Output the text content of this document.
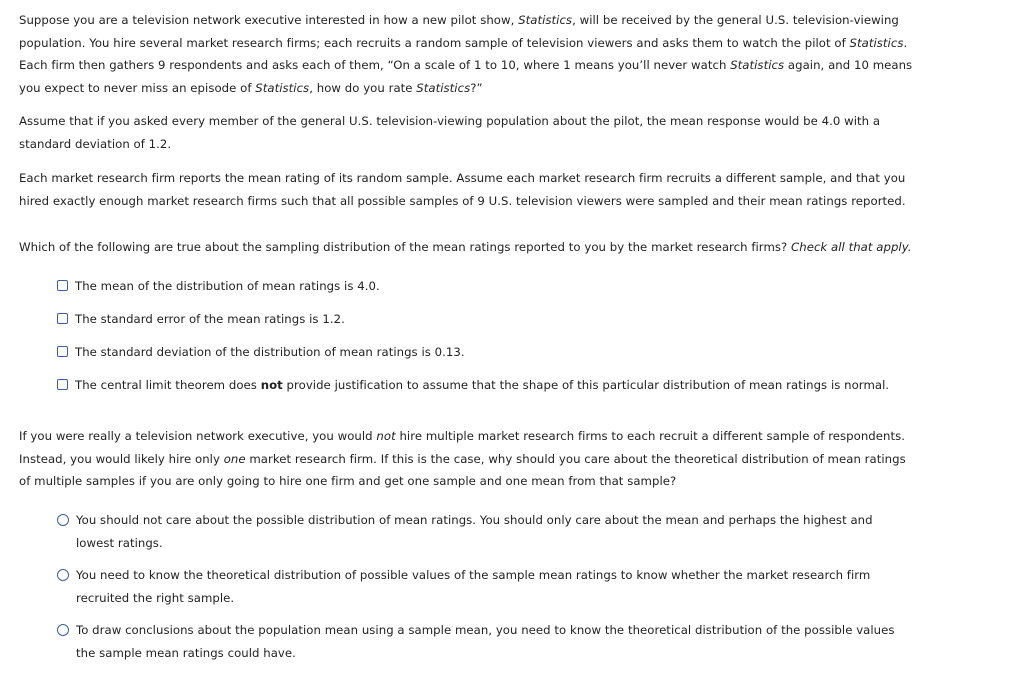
Suppose you are a television network executive interested in how a new pilot show, Statistics, will be received by the general U.S. television-viewing population. You hire several market research firms; each recruits a random sample of television viewers and asks them to watch the pilot of Statistics. Each firm then gathers 9 respondents and asks each of them, “On a scale of 1 to 10, where 1 means you’ll never watch Statistics again, and 10 means you expect to never miss an episode of Statistics, how do you rate Statistics?”

Assume that if you asked every member of the general U.S. television-viewing population about the pilot, the mean response would be 4.0 with a standard deviation of 1.2.

Each market research firm reports the mean rating of its random sample. Assume each market research firm recruits a different sample, and that you hired exactly enough market research firms such that all possible samples of 9 U.S. television viewers were sampled and their mean ratings reported.

Which of the following are true about the sampling distribution of the mean ratings reported to you by the market research firms? Check all that apply.

The mean of the distribution of mean ratings is 4.0.
The standard error of the mean ratings is 1.2.
The standard deviation of the distribution of mean ratings is 0.13.
The central limit theorem does not provide justification to assume that the shape of this particular distribution of mean ratings is normal.

If you were really a television network executive, you would not hire multiple market research firms to each recruit a different sample of respondents. Instead, you would likely hire only one market research firm. If this is the case, why should you care about the theoretical distribution of mean ratings of multiple samples if you are only going to hire one firm and get one sample and one mean from that sample?

You should not care about the possible distribution of mean ratings. You should only care about the mean and perhaps the highest and lowest ratings.
You need to know the theoretical distribution of possible values of the sample mean ratings to know whether the market research firm recruited the right sample.
To draw conclusions about the population mean using a sample mean, you need to know the theoretical distribution of the possible values the sample mean ratings could have.
